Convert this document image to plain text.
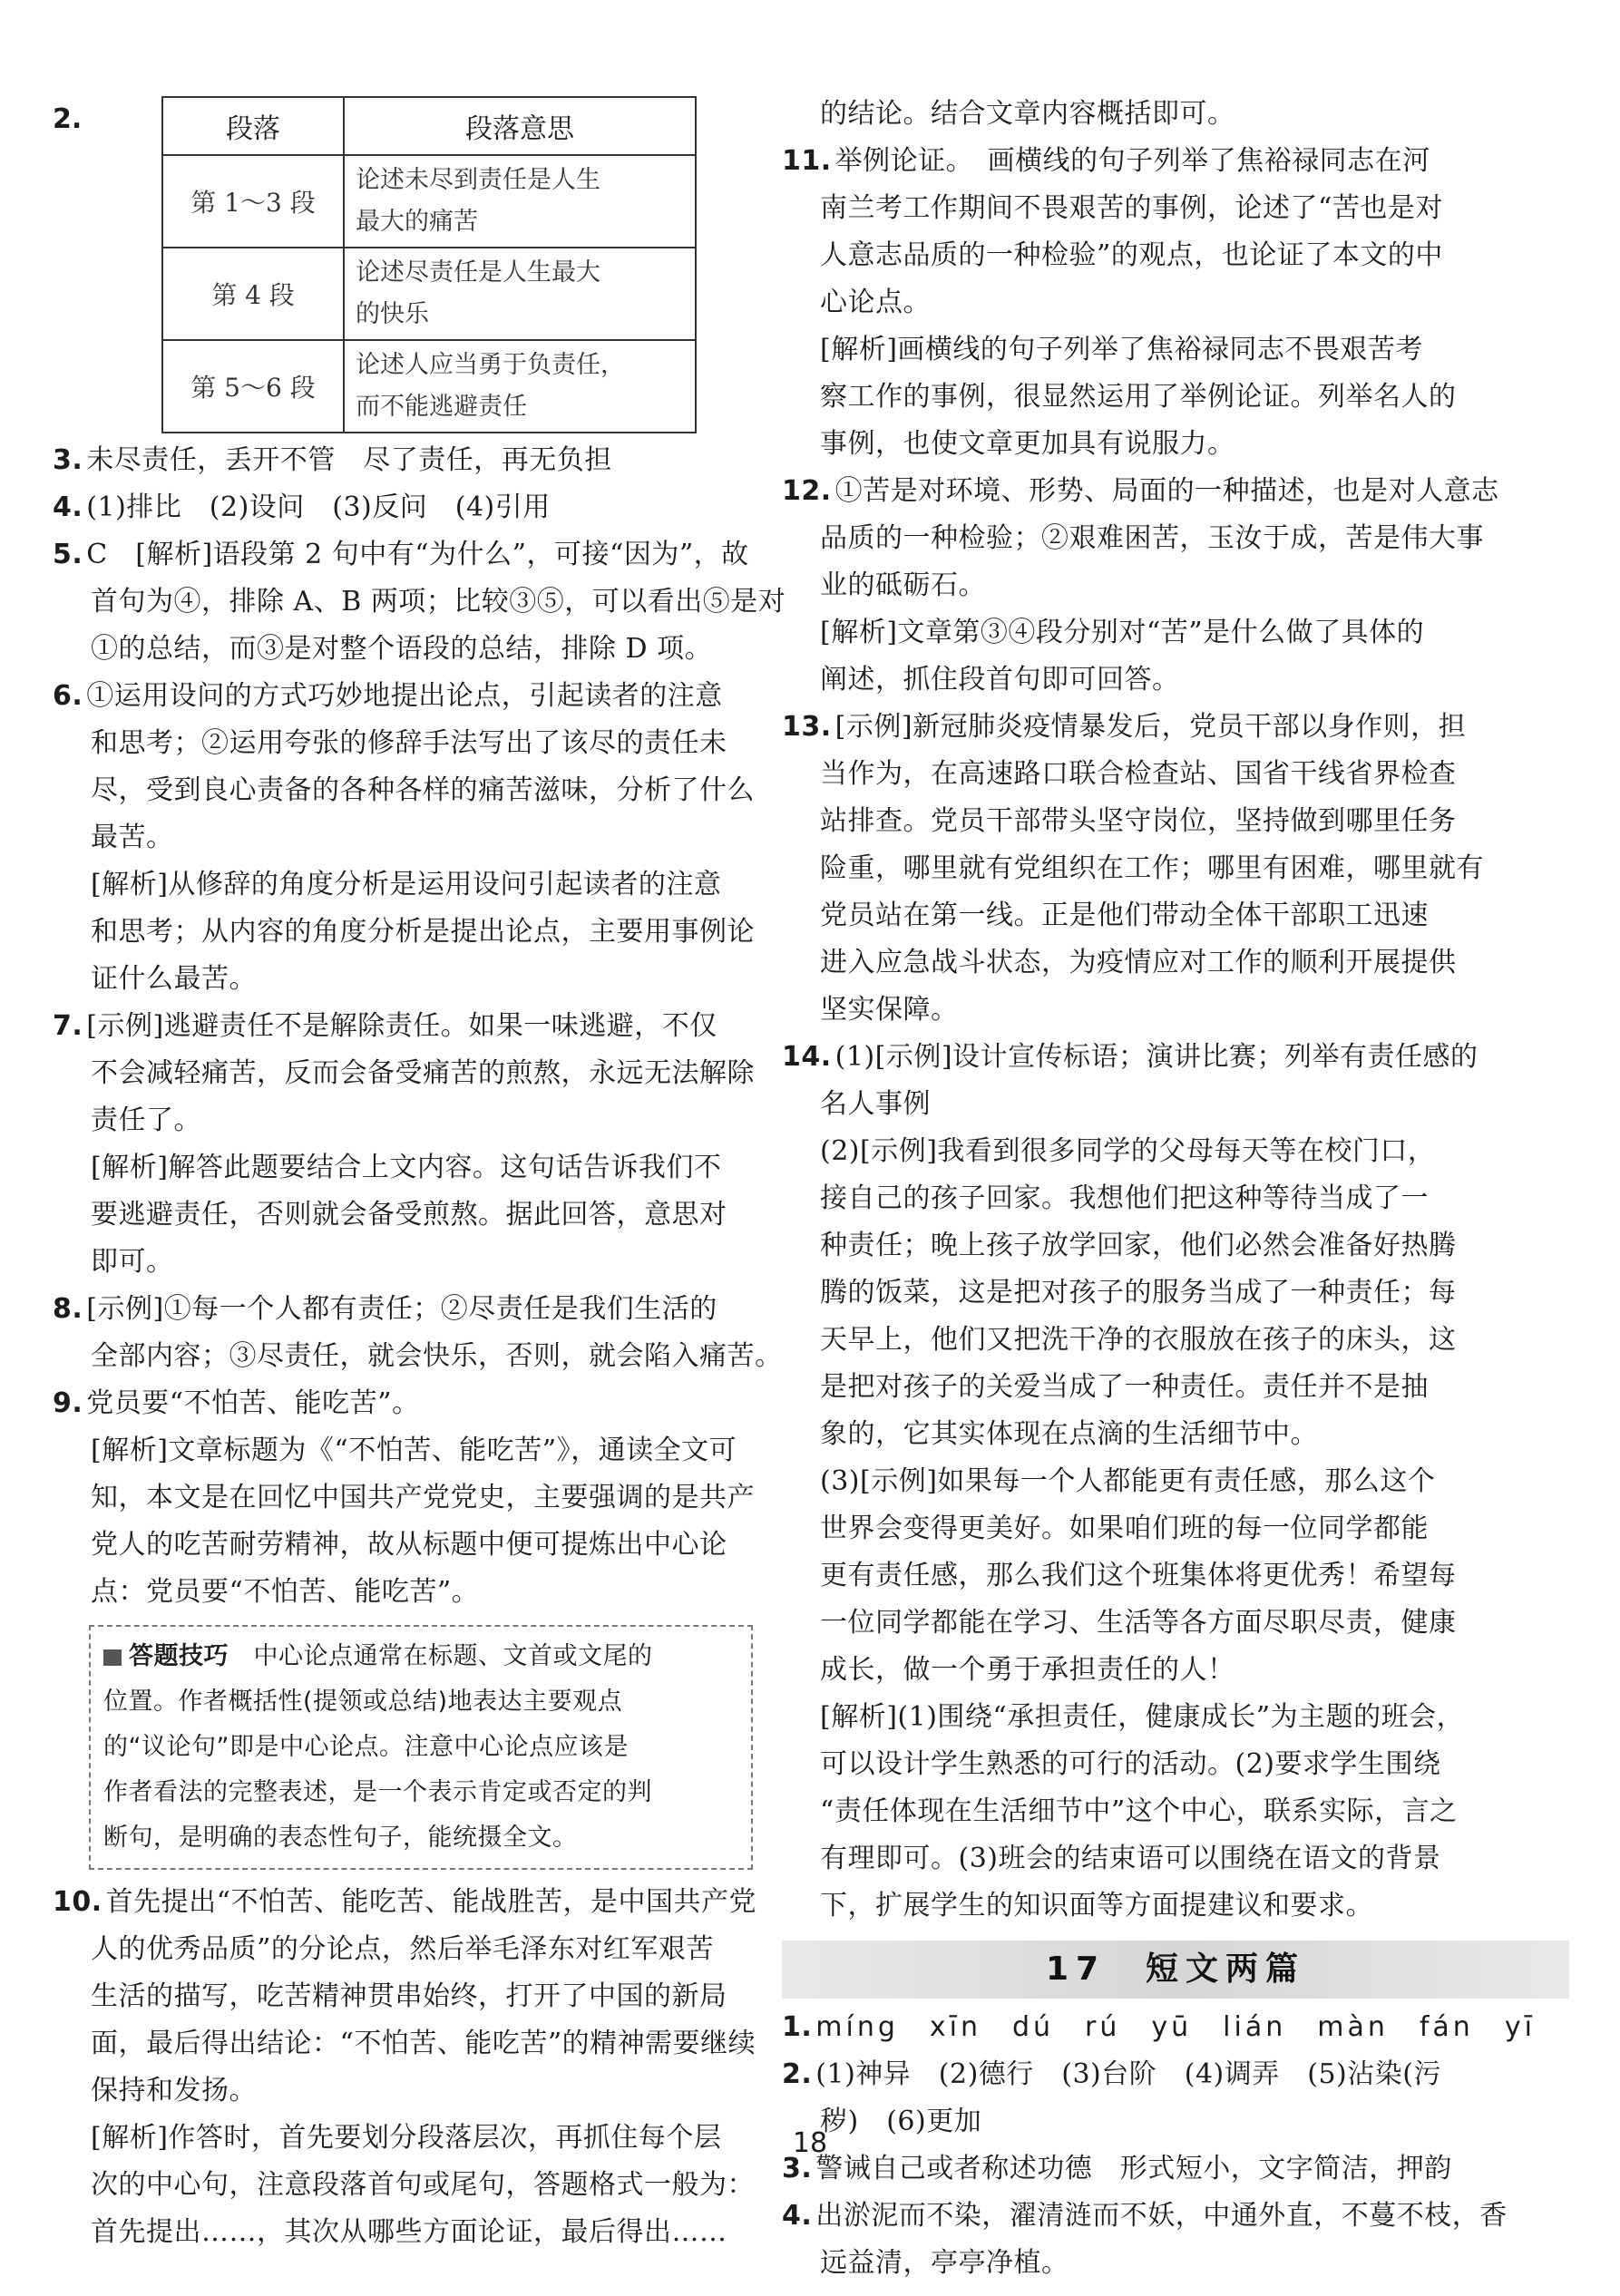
2.	段落	段落意思
第 1～3 段	论述未尽到责任是人生
最大的痛苦

第 4 段	论述尽责任是人生最大
的快乐

第 5～6 段	论述人应当勇于负责任，
而不能逃避责任
3. 未尽责任，丢开不管　尽了责任，再无负担
4. (1)排比　(2)设问　(3)反问　(4)引用
5. C　[解析]语段第 2 句中有“为什么”，可接“因为”，故
首句为④，排除 A、B 两项；比较③⑤，可以看出⑤是对
①的总结，而③是对整个语段的总结，排除 D 项。
6. ①运用设问的方式巧妙地提出论点，引起读者的注意
和思考；②运用夸张的修辞手法写出了该尽的责任未
尽，受到良心责备的各种各样的痛苦滋味，分析了什么
最苦。
[解析]从修辞的角度分析是运用设问引起读者的注意
和思考；从内容的角度分析是提出论点，主要用事例论
证什么最苦。
7. [示例]逃避责任不是解除责任。如果一味逃避，不仅
不会减轻痛苦，反而会备受痛苦的煎熬，永远无法解除
责任了。
[解析]解答此题要结合上文内容。这句话告诉我们不
要逃避责任，否则就会备受煎熬。据此回答，意思对
即可。
8. [示例]①每一个人都有责任；②尽责任是我们生活的
全部内容；③尽责任，就会快乐，否则，就会陷入痛苦。
9. 党员要“不怕苦、能吃苦”。
[解析]文章标题为《“不怕苦、能吃苦”》，通读全文可
知，本文是在回忆中国共产党党史，主要强调的是共产
党人的吃苦耐劳精神，故从标题中便可提炼出中心论
点：党员要“不怕苦、能吃苦”。
答题技巧　 中心论点通常在标题、文首或文尾的
位置。作者概括性(提领或总结)地表达主要观点
的“议论句”即是中心论点。注意中心论点应该是
作者看法的完整表述，是一个表示肯定或否定的判
断句，是明确的表态性句子，能统摄全文。
10. 首先提出“不怕苦、能吃苦、能战胜苦，是中国共产党
人的优秀品质”的分论点，然后举毛泽东对红军艰苦
生活的描写，吃苦精神贯串始终，打开了中国的新局
面，最后得出结论：“不怕苦、能吃苦”的精神需要继续
保持和发扬。
[解析]作答时，首先要划分段落层次，再抓住每个层
次的中心句，注意段落首句或尾句，答题格式一般为：
首先提出……，其次从哪些方面论证，最后得出……
的结论。结合文章内容概括即可。
11. 举例论证。　画横线的句子列举了焦裕禄同志在河
南兰考工作期间不畏艰苦的事例，论述了“苦也是对
人意志品质的一种检验”的观点，也论证了本文的中
心论点。
[解析]画横线的句子列举了焦裕禄同志不畏艰苦考
察工作的事例，很显然运用了举例论证。列举名人的
事例，也使文章更加具有说服力。
12. ①苦是对环境、形势、局面的一种描述，也是对人意志
品质的一种检验；②艰难困苦，玉汝于成，苦是伟大事
业的砥砺石。
[解析]文章第③④段分别对“苦”是什么做了具体的
阐述，抓住段首句即可回答。
13. [示例]新冠肺炎疫情暴发后，党员干部以身作则，担
当作为，在高速路口联合检查站、国省干线省界检查
站排查。党员干部带头坚守岗位，坚持做到哪里任务
险重，哪里就有党组织在工作；哪里有困难，哪里就有
党员站在第一线。正是他们带动全体干部职工迅速
进入应急战斗状态，为疫情应对工作的顺利开展提供
坚实保障。
14. (1)[示例]设计宣传标语；演讲比赛；列举有责任感的
名人事例
(2)[示例]我看到很多同学的父母每天等在校门口，
接自己的孩子回家。我想他们把这种等待当成了一
种责任；晚上孩子放学回家，他们必然会准备好热腾
腾的饭菜，这是把对孩子的服务当成了一种责任；每
天早上，他们又把洗干净的衣服放在孩子的床头，这
是把对孩子的关爱当成了一种责任。责任并不是抽
象的，它其实体现在点滴的生活细节中。
(3)[示例]如果每一个人都能更有责任感，那么这个
世界会变得更美好。如果咱们班的每一位同学都能
更有责任感，那么我们这个班集体将更优秀！希望每
一位同学都能在学习、生活等各方面尽职尽责，健康
成长，做一个勇于承担责任的人！
[解析](1)围绕“承担责任，健康成长”为主题的班会，
可以设计学生熟悉的可行的活动。(2)要求学生围绕
“责任体现在生活细节中”这个中心，联系实际，言之
有理即可。(3)班会的结束语可以围绕在语文的背景
下，扩展学生的知识面等方面提建议和要求。
17　短文两篇
1. míng　xīn　dú　rú　yū　lián　màn　fán　yī
2. (1)神异　(2)德行　(3)台阶　(4)调弄　(5)沾染(污
秽)　(6)更加
3. 警诫自己或者称述功德　形式短小，文字简洁，押韵
4. 出淤泥而不染，濯清涟而不妖，中通外直，不蔓不枝，香
远益清，亭亭净植。
18
